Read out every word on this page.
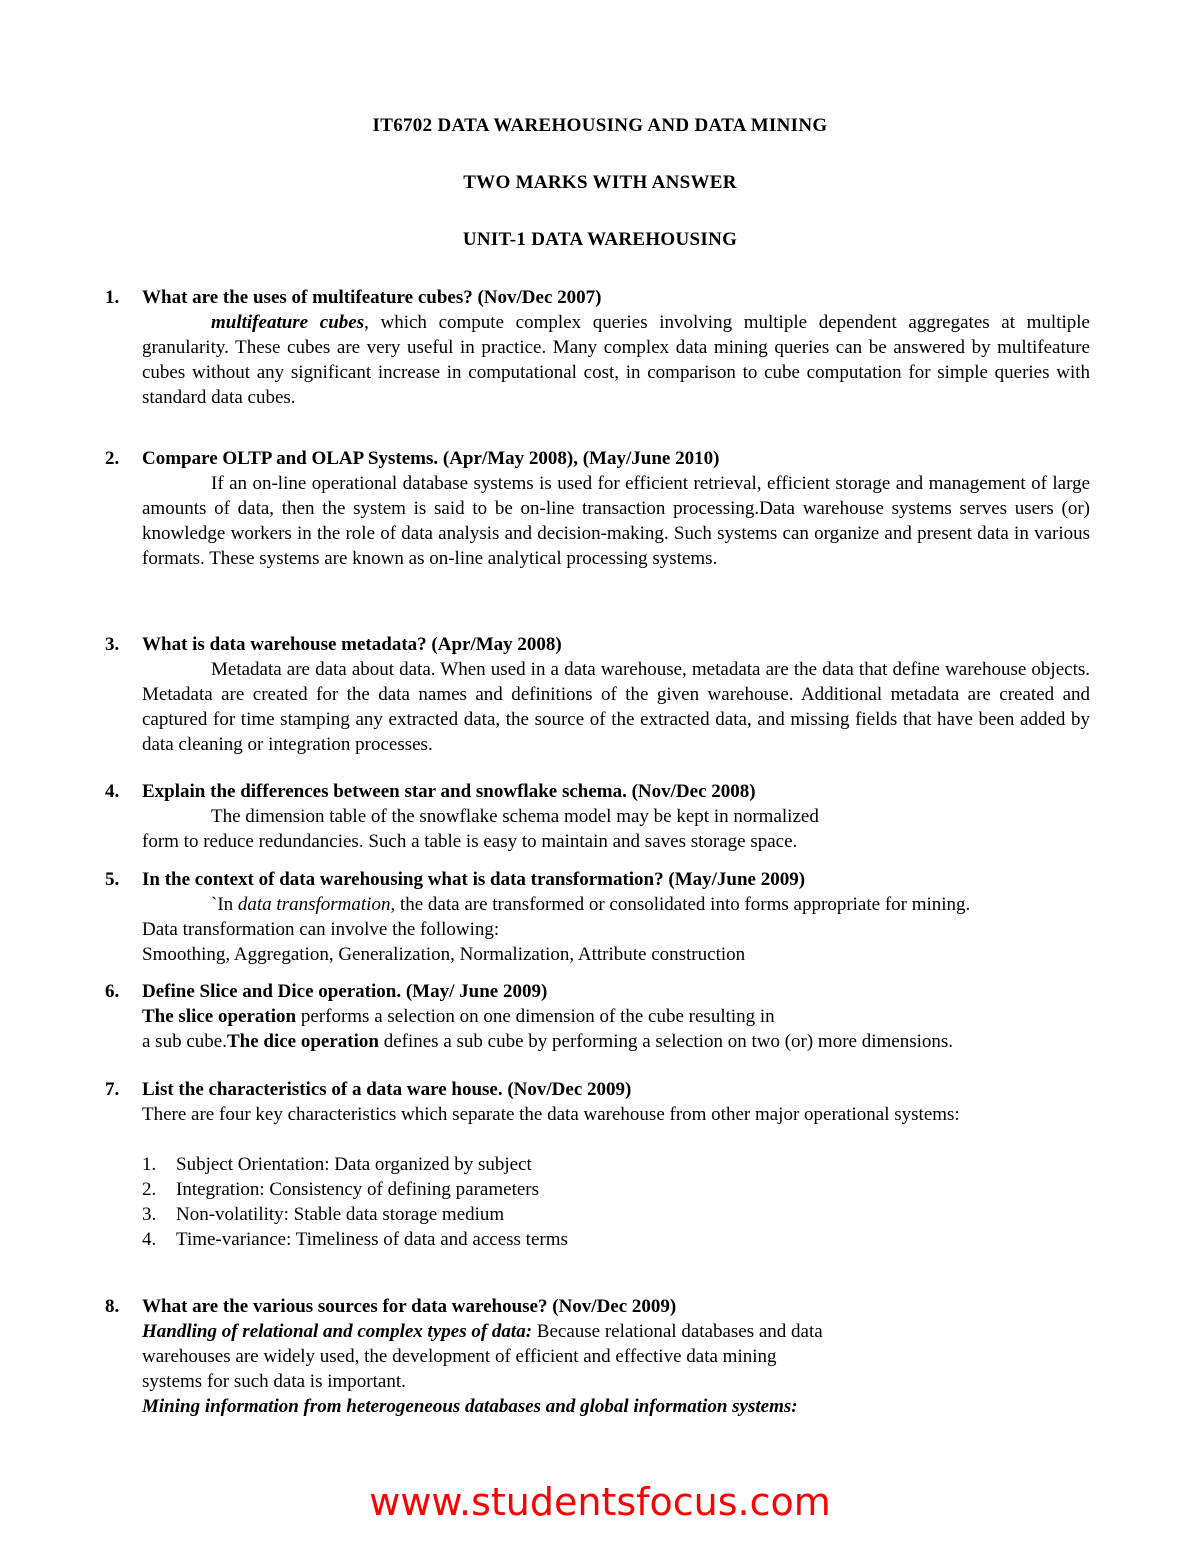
IT6702 DATA WAREHOUSING AND DATA MINING
TWO MARKS WITH ANSWER
UNIT-1 DATA WAREHOUSING
1. What are the uses of multifeature cubes? (Nov/Dec 2007)
multifeature cubes, which compute complex queries involving multiple dependent aggregates at multiple granularity. These cubes are very useful in practice. Many complex data mining queries can be answered by multifeature cubes without any significant increase in computational cost, in comparison to cube computation for simple queries with standard data cubes.
2. Compare OLTP and OLAP Systems. (Apr/May 2008), (May/June 2010)
If an on-line operational database systems is used for efficient retrieval, efficient storage and management of large amounts of data, then the system is said to be on-line transaction processing.Data warehouse systems serves users (or) knowledge workers in the role of data analysis and decision-making. Such systems can organize and present data in various formats. These systems are known as on-line analytical processing systems.
3. What is data warehouse metadata? (Apr/May 2008)
Metadata are data about data. When used in a data warehouse, metadata are the data that define warehouse objects. Metadata are created for the data names and definitions of the given warehouse. Additional metadata are created and captured for time stamping any extracted data, the source of the extracted data, and missing fields that have been added by data cleaning or integration processes.
4. Explain the differences between star and snowflake schema. (Nov/Dec 2008)
The dimension table of the snowflake schema model may be kept in normalized
form to reduce redundancies. Such a table is easy to maintain and saves storage space.
5. In the context of data warehousing what is data transformation? (May/June 2009)
`In data transformation, the data are transformed or consolidated into forms appropriate for mining.
Data transformation can involve the following:
Smoothing, Aggregation, Generalization, Normalization, Attribute construction
6. Define Slice and Dice operation. (May/ June 2009)
The slice operation performs a selection on one dimension of the cube resulting in
a sub cube.The dice operation defines a sub cube by performing a selection on two (or) more dimensions.
7. List the characteristics of a data ware house. (Nov/Dec 2009)
There are four key characteristics which separate the data warehouse from other major operational systems:
1. Subject Orientation: Data organized by subject
2. Integration: Consistency of defining parameters
3. Non-volatility: Stable data storage medium
4. Time-variance: Timeliness of data and access terms
8. What are the various sources for data warehouse? (Nov/Dec 2009)
Handling of relational and complex types of data: Because relational databases and data
warehouses are widely used, the development of efficient and effective data mining
systems for such data is important.
Mining information from heterogeneous databases and global information systems:
www.studentsfocus.com
